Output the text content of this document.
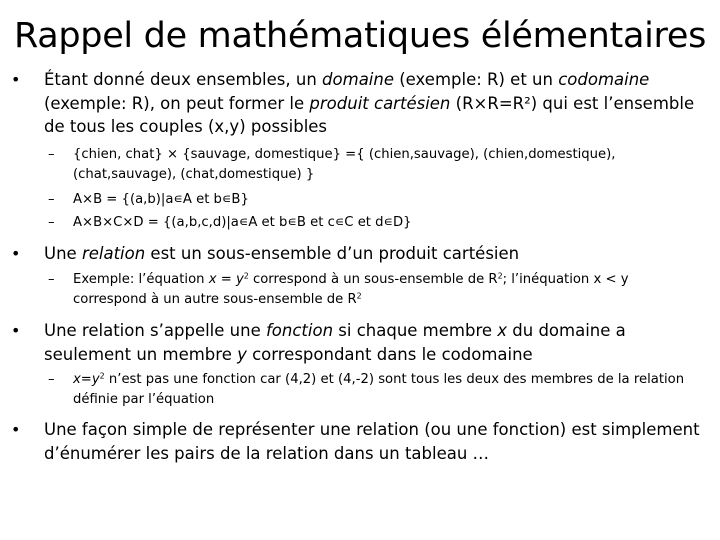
Rappel de mathématiques élémentaires
• Étant donné deux ensembles, un domaine (exemple: R) et un codomaine (exemple: R), on peut former le produit cartésien (R×R=R²) qui est l’ensemble de tous les couples (x,y) possibles
– {chien, chat} × {sauvage, domestique} ={ (chien,sauvage), (chien,domestique), (chat,sauvage), (chat,domestique) }
– A×B = {(a,b)|a∊A et b∊B}
– A×B×C×D = {(a,b,c,d)|a∊A et b∊B et c∊C et d∊D}
• Une relation est un sous-ensemble d’un produit cartésien
– Exemple: l’équation $x = y^2$ correspond à un sous-ensemble de $R^2$; l’inéquation x < y correspond à un autre sous-ensemble de $R^2$
• Une relation s’appelle une fonction si chaque membre x du domaine a seulement un membre y correspondant dans le codomaine
– $x=y^2$ n’est pas une fonction car (4,2) et (4,-2) sont tous les deux des membres de la relation définie par l’équation
• Une façon simple de représenter une relation (ou une fonction) est simplement d’énumérer les pairs de la relation dans un tableau …
